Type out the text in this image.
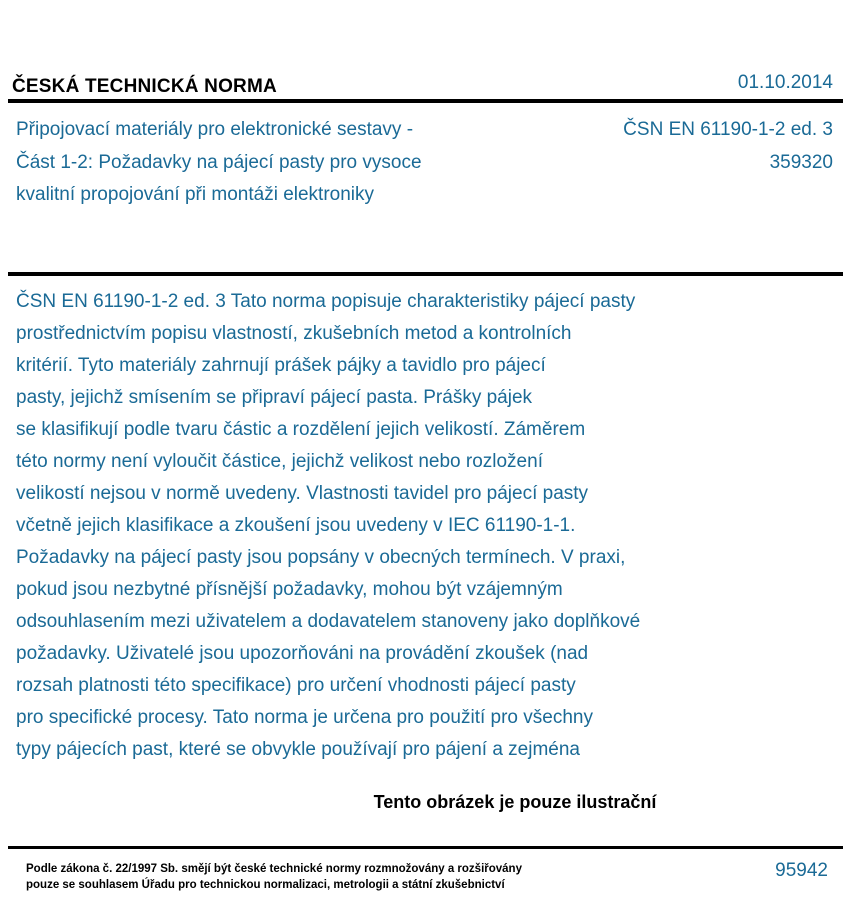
ČESKÁ TECHNICKÁ NORMA	01.10.2014
Připojovací materiály pro elektronické sestavy -
Část 1-2: Požadavky na pájecí pasty pro vysoce
kvalitní propojování při montáži elektroniky
ČSN EN 61190-1-2 ed. 3
359320

ČSN EN 61190-1-2 ed. 3 Tato norma popisuje charakteristiky pájecí pasty
prostřednictvím popisu vlastností, zkušebních metod a kontrolních
kritérií. Tyto materiály zahrnují prášek pájky a tavidlo pro pájecí
pasty, jejichž smísením se připraví pájecí pasta. Prášky pájek
se klasifikují podle tvaru částic a rozdělení jejich velikostí. Záměrem
této normy není vyloučit částice, jejichž velikost nebo rozložení
velikostí nejsou v normě uvedeny. Vlastnosti tavidel pro pájecí pasty
včetně jejich klasifikace a zkoušení jsou uvedeny v IEC 61190-1-1.
Požadavky na pájecí pasty jsou popsány v obecných termínech. V praxi,
pokud jsou nezbytné přísnější požadavky, mohou být vzájemným
odsouhlasením mezi uživatelem a dodavatelem stanoveny jako doplňkové
požadavky. Uživatelé jsou upozorňováni na provádění zkoušek (nad
rozsah platnosti této specifikace) pro určení vhodnosti pájecí pasty
pro specifické procesy. Tato norma je určena pro použití pro všechny
typy pájecích past, které se obvykle používají pro pájení a zejména

Tento obrázek je pouze ilustrační

Podle zákona č. 22/1997 Sb. smějí být české technické normy rozmnožovány a rozšiřovány
pouze se souhlasem Úřadu pro technickou normalizaci, metrologii a státní zkušebnictví

95942
